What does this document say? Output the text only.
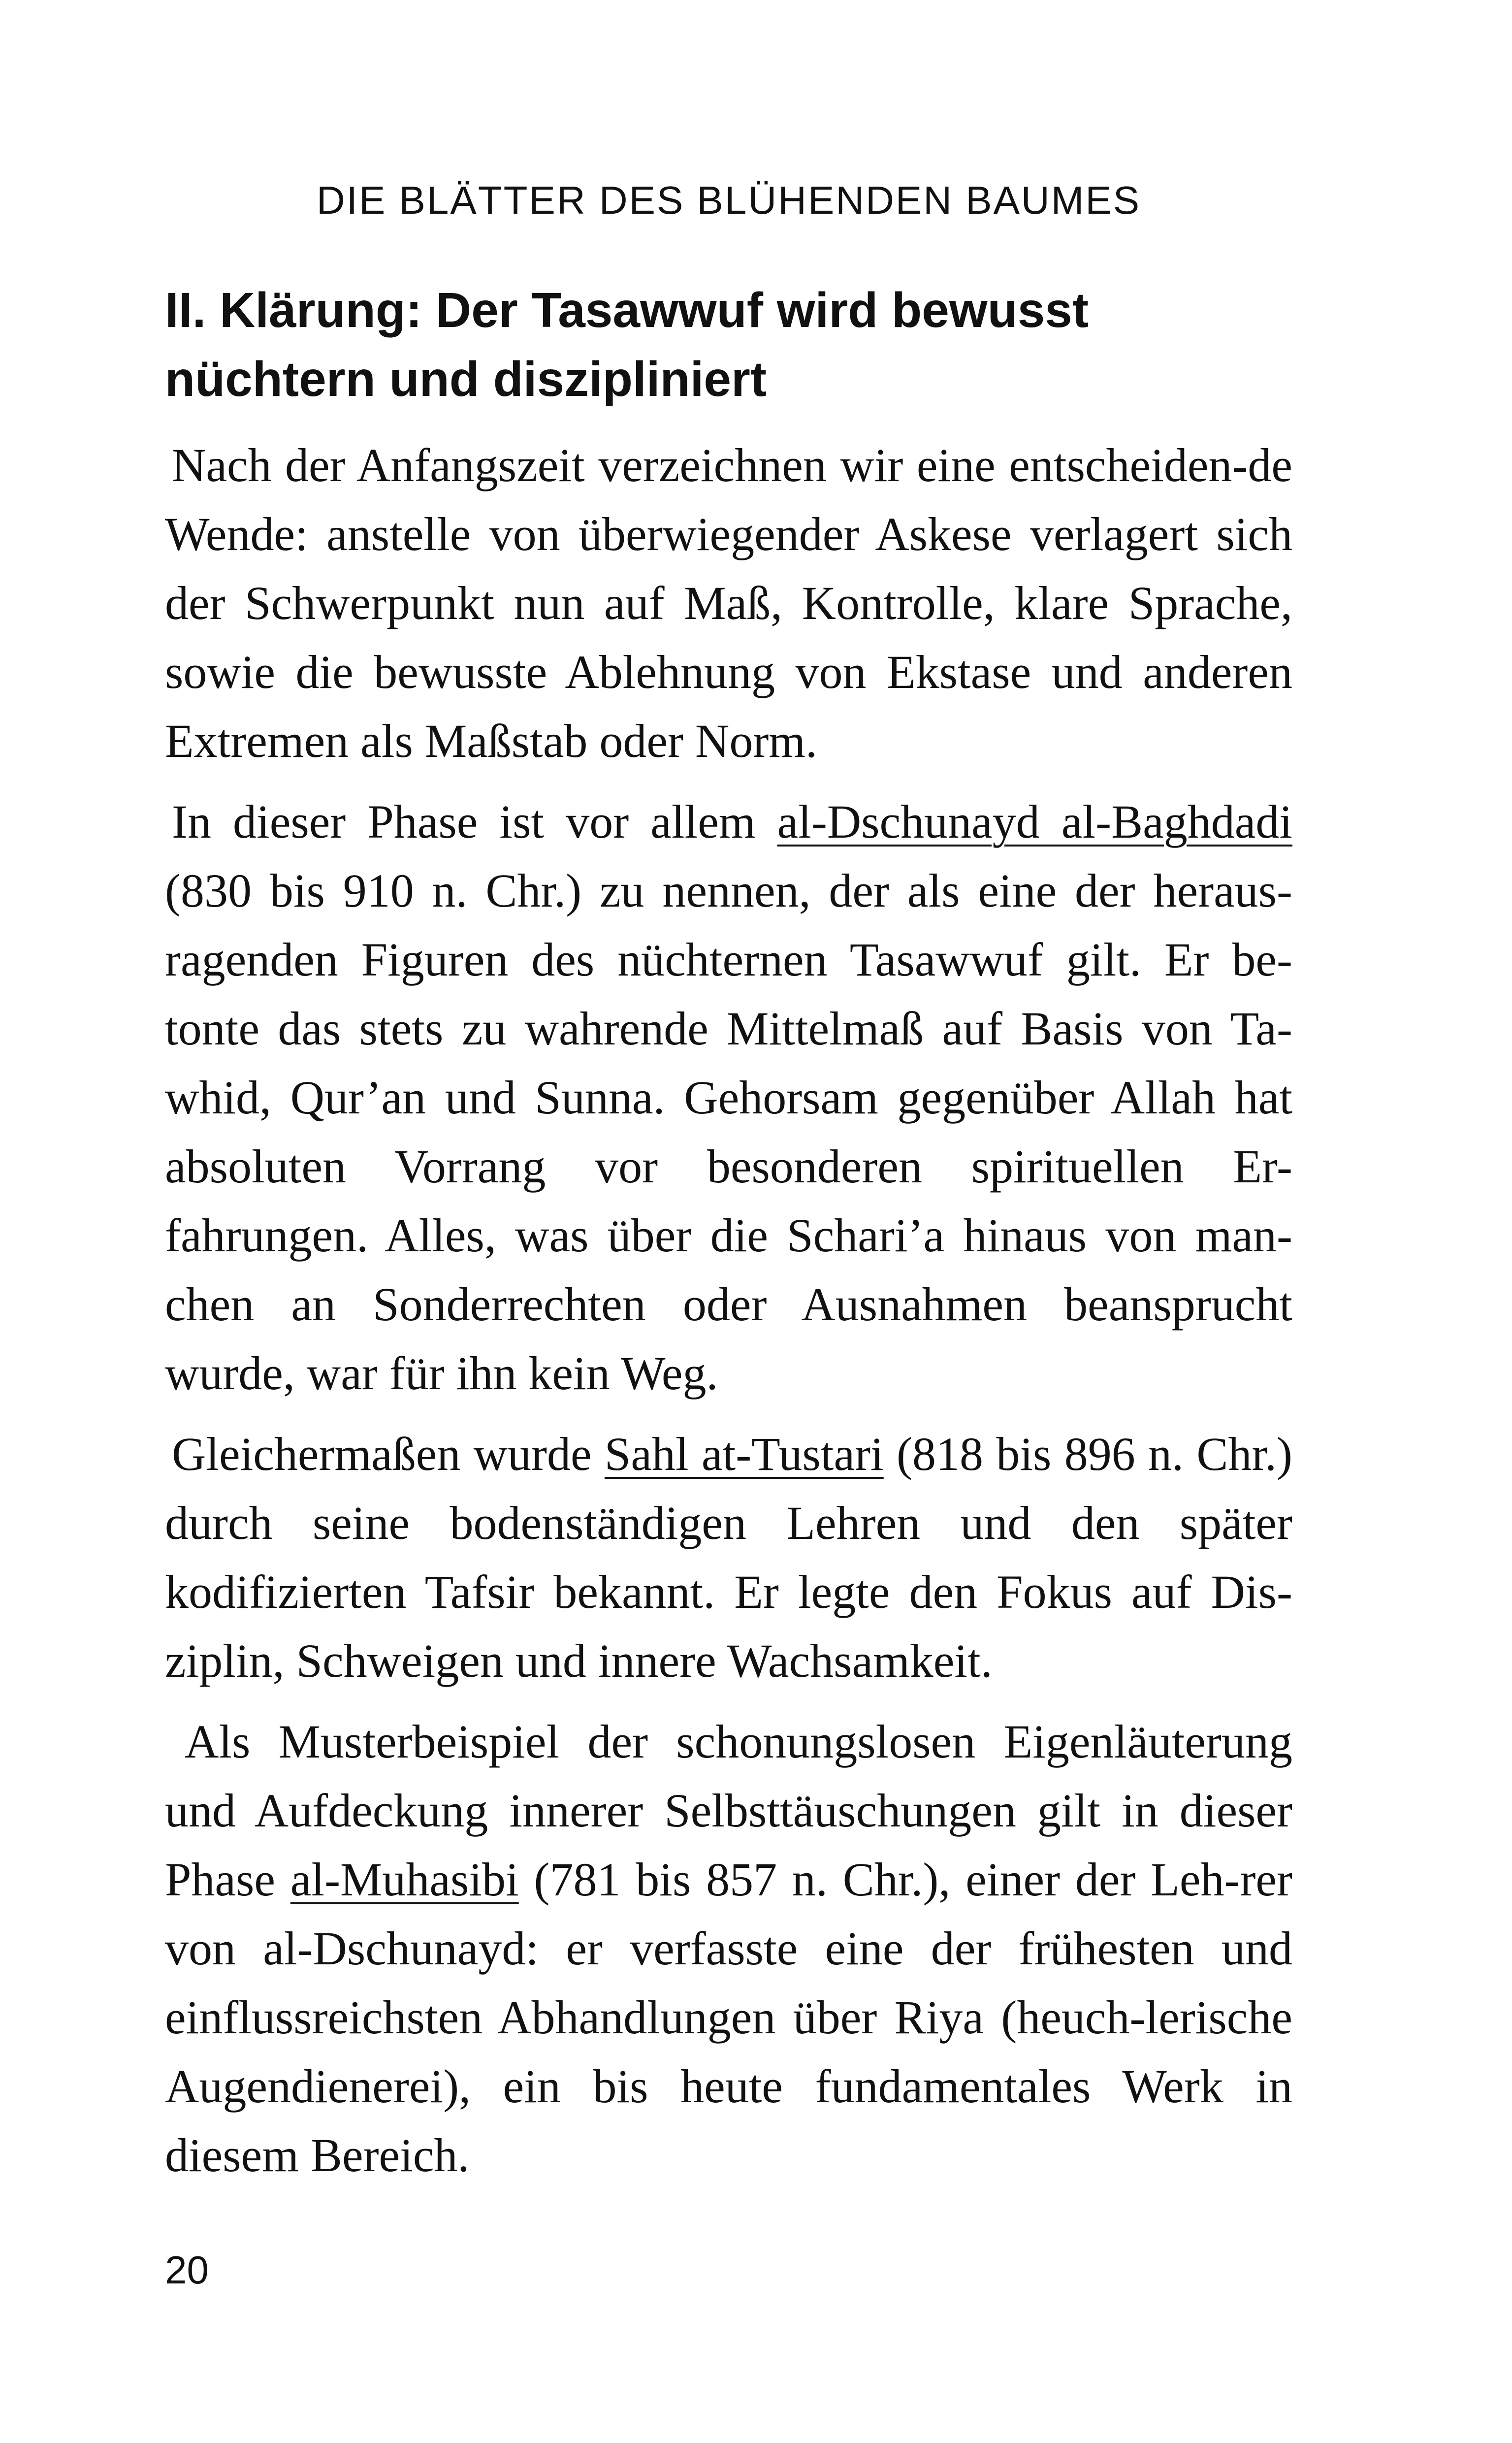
DIE BLÄTTER DES BLÜHENDEN BAUMES
II. Klärung: Der Tasawwuf wird bewusst
nüchtern und diszipliniert

Nach der Anfangszeit verzeichnen wir eine entscheiden-de Wende: anstelle von überwiegender Askese verlagert sich der Schwerpunkt nun auf Maß, Kontrolle, klare Sprache, sowie die bewusste Ablehnung von Ekstase und anderen Extremen als Maßstab oder Norm.

In dieser Phase ist vor allem al-Dschunayd al-Baghdadi (830 bis 910 n. Chr.) zu nennen, der als eine der heraus-ragenden Figuren des nüchternen Tasawwuf gilt. Er be-tonte das stets zu wahrende Mittelmaß auf Basis von Ta-whid, Qur’an und Sunna. Gehorsam gegenüber Allah hat absoluten Vorrang vor besonderen spirituellen Er-fahrungen. Alles, was über die Schari’a hinaus von man-chen an Sonderrechten oder Ausnahmen beansprucht wurde, war für ihn kein Weg.

Gleichermaßen wurde Sahl at-Tustari (818 bis 896 n. Chr.) durch seine bodenständigen Lehren und den später kodifizierten Tafsir bekannt. Er legte den Fokus auf Dis-ziplin, Schweigen und innere Wachsamkeit.

Als Musterbeispiel der schonungslosen Eigenläuterung und Aufdeckung innerer Selbsttäuschungen gilt in dieser Phase al-Muhasibi (781 bis 857 n. Chr.), einer der Leh-rer von al-Dschunayd: er verfasste eine der frühesten und einflussreichsten Abhandlungen über Riya (heuch-lerische Augendienerei), ein bis heute fundamentales Werk in diesem Bereich.

20
